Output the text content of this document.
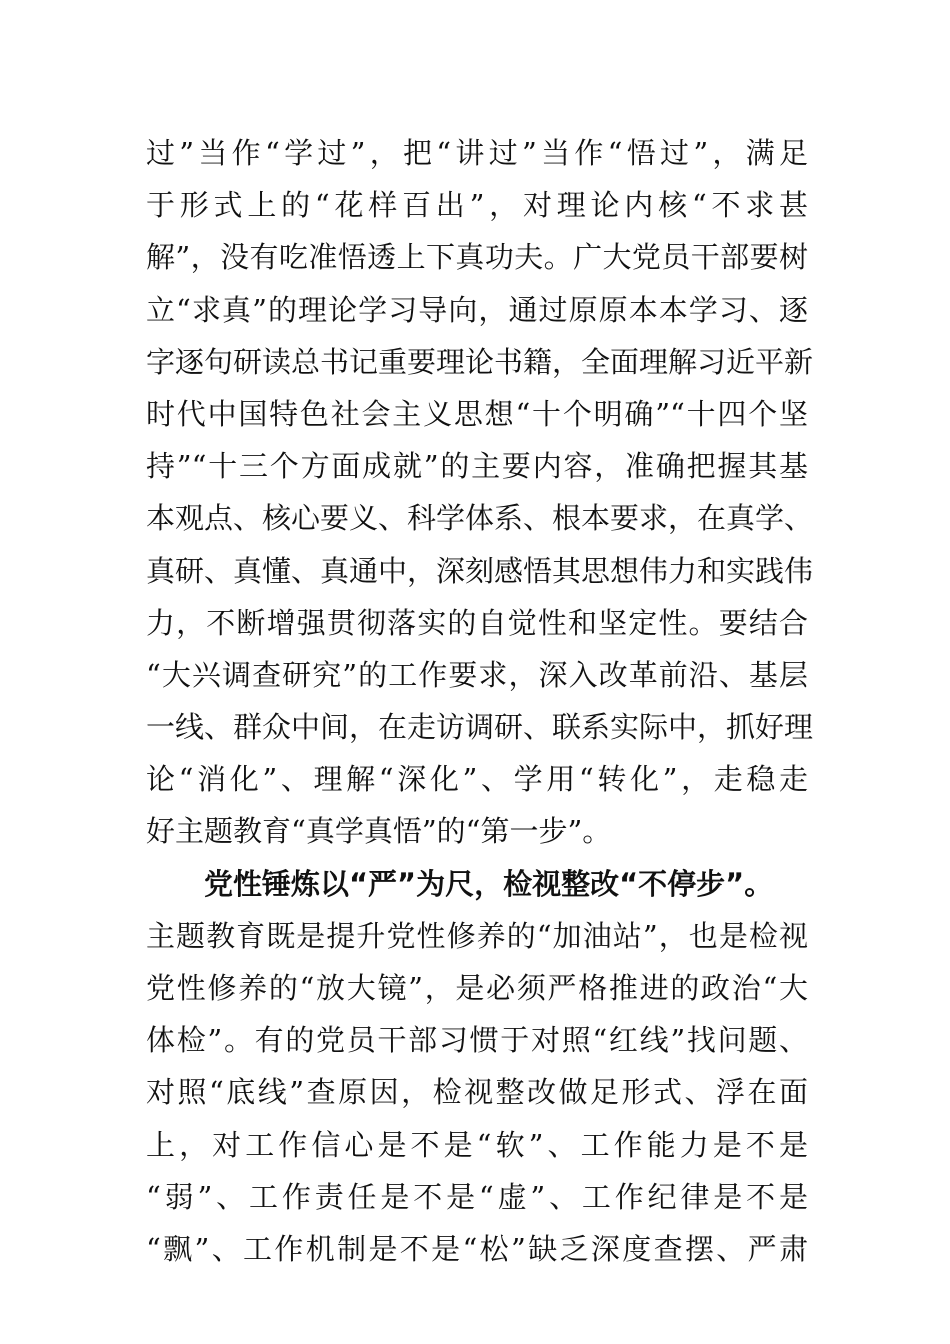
过”当作“学过”，把“讲过”当作“悟过”，满足
于形式上的“花样百出”，对理论内核“不求甚
解”，没有吃准悟透上下真功夫。广大党员干部要树
立“求真”的理论学习导向，通过原原本本学习、逐
字逐句研读总书记重要理论书籍，全面理解习近平新
时代中国特色社会主义思想“十个明确”“十四个坚
持”“十三个方面成就”的主要内容，准确把握其基
本观点、核心要义、科学体系、根本要求，在真学、
真研、真懂、真通中，深刻感悟其思想伟力和实践伟
力，不断增强贯彻落实的自觉性和坚定性。要结合
“大兴调查研究”的工作要求，深入改革前沿、基层
一线、群众中间，在走访调研、联系实际中，抓好理
论“消化”、理解“深化”、学用“转化”，走稳走
好主题教育“真学真悟”的“第一步”。
党性锤炼以“严”为尺，检视整改“不停步”。
主题教育既是提升党性修养的“加油站”，也是检视
党性修养的“放大镜”，是必须严格推进的政治“大
体检”。有的党员干部习惯于对照“红线”找问题、
对照“底线”查原因，检视整改做足形式、浮在面
上，对工作信心是不是“软”、工作能力是不是
“弱”、工作责任是不是“虚”、工作纪律是不是
“飘”、工作机制是不是“松”缺乏深度查摆、严肃
